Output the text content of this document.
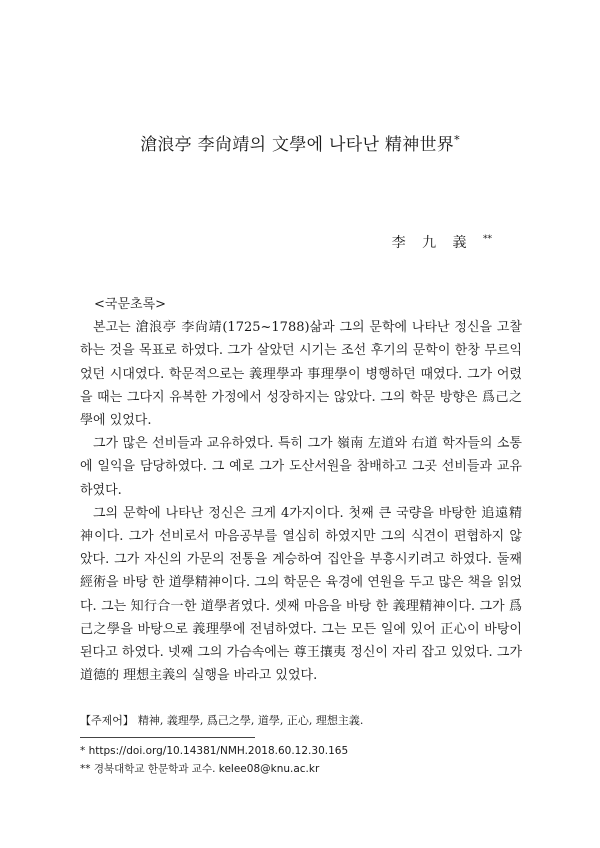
滄浪亭 李尙靖의 文學에 나타난 精神世界*
李 九 義 **
<국문초록>

본고는 滄浪亭 李尙靖(1725~1788)삶과 그의 문학에 나타난 정신을 고찰하는 것을 목표로 하였다. 그가 살았던 시기는 조선 후기의 문학이 한창 무르익었던 시대였다. 학문적으로는 義理學과 事理學이 병행하던 때였다. 그가 어렸을 때는 그다지 유복한 가정에서 성장하지는 않았다. 그의 학문 방향은 爲己之學에 있었다.

그가 많은 선비들과 교유하였다. 특히 그가 嶺南 左道와 右道 학자들의 소통에 일익을 담당하였다. 그 예로 그가 도산서원을 참배하고 그곳 선비들과 교유하였다.

그의 문학에 나타난 정신은 크게 4가지이다. 첫째 큰 국량을 바탕한 追遠精神이다. 그가 선비로서 마음공부를 열심히 하였지만 그의 식견이 편협하지 않았다. 그가 자신의 가문의 전통을 계승하여 집안을 부흥시키려고 하였다. 둘째 經術을 바탕 한 道學精神이다. 그의 학문은 육경에 연원을 두고 많은 책을 읽었다. 그는 知行合一한 道學者였다. 셋째 마음을 바탕 한 義理精神이다. 그가 爲己之學을 바탕으로 義理學에 전념하였다. 그는 모든 일에 있어 正心이 바탕이 된다고 하였다. 넷째 그의 가슴속에는 尊王攘夷 정신이 자리 잡고 있었다. 그가 道德的 理想主義의 실행을 바라고 있었다.

【주제어】 精神, 義理學, 爲己之學, 道學, 正心, 理想主義.
* https://doi.org/10.14381/NMH.2018.60.12.30.165
** 경북대학교 한문학과 교수. kelee08@knu.ac.kr
